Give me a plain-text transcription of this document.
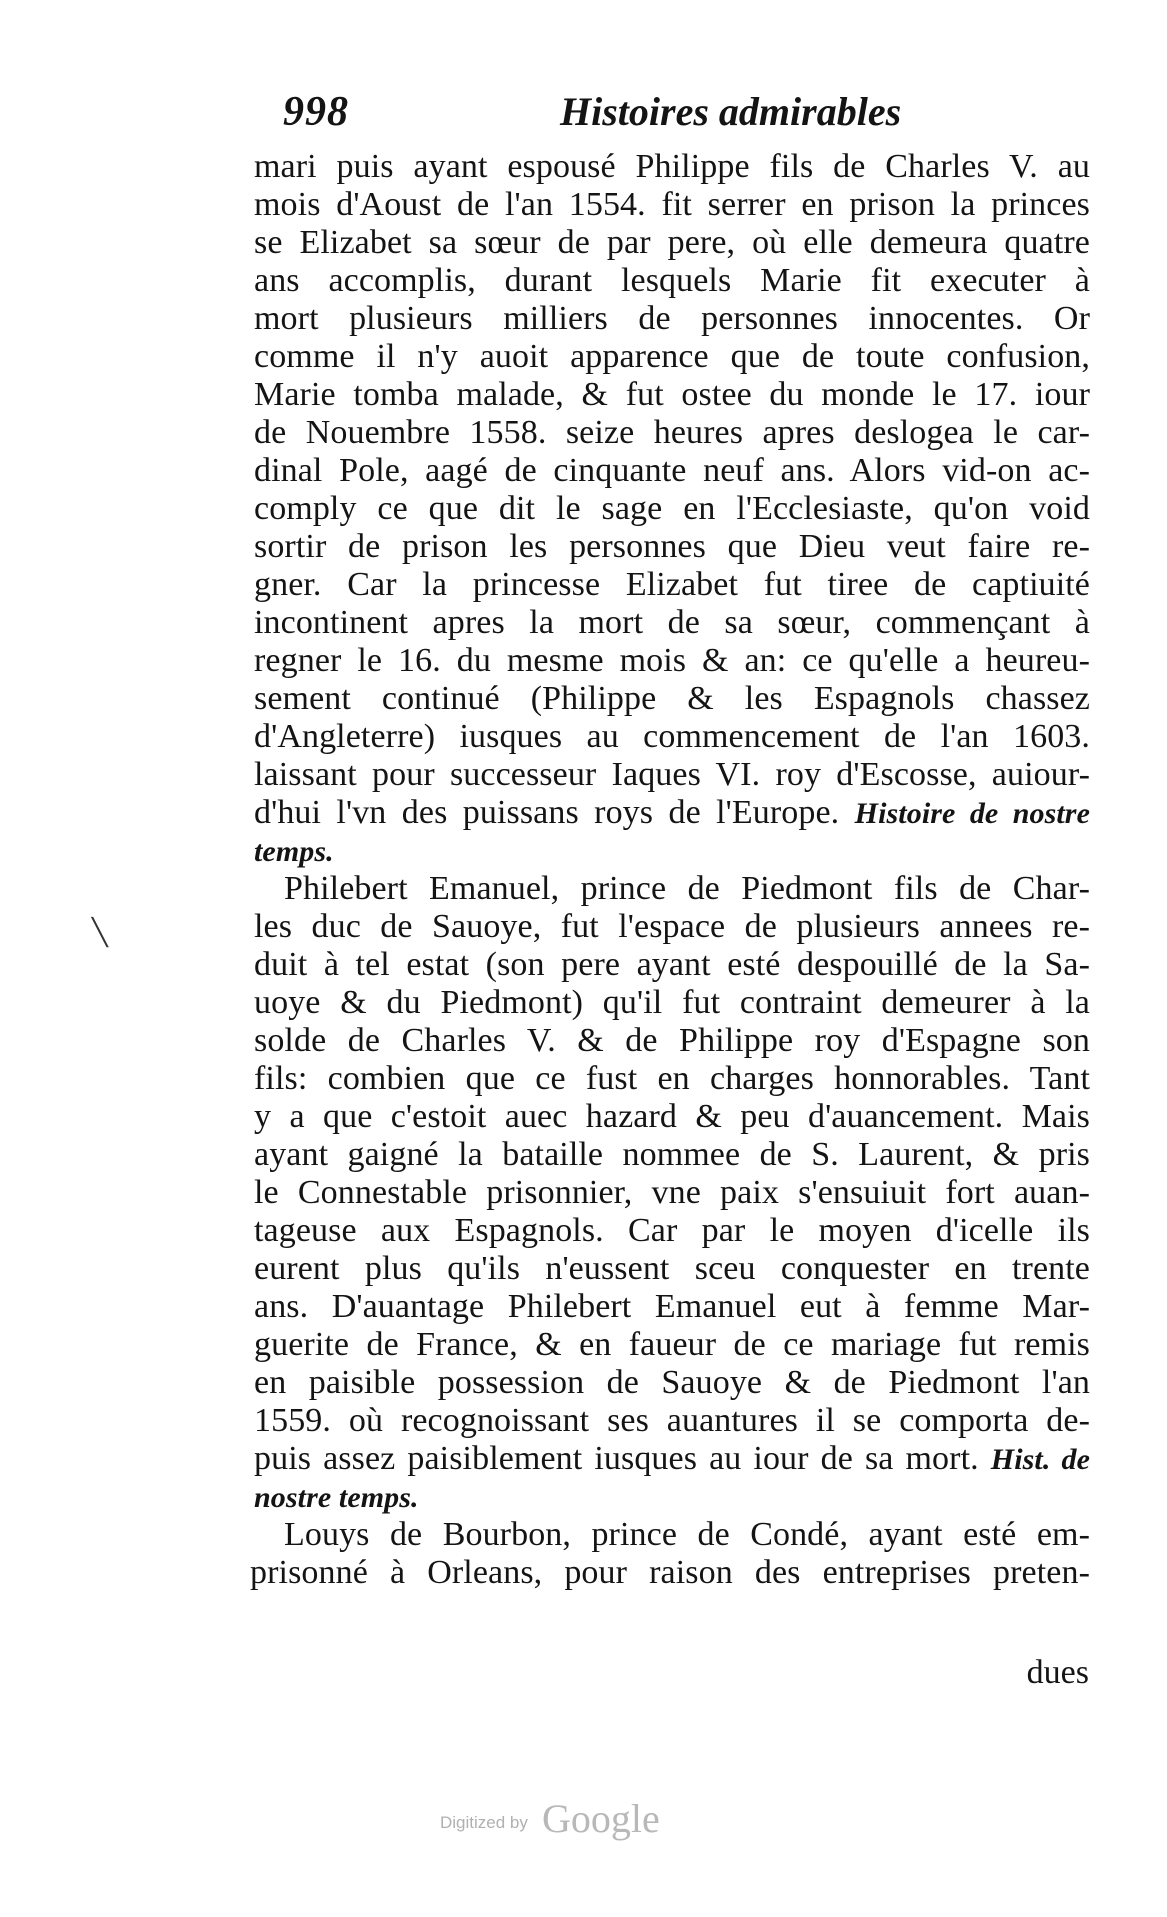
998	Histoires admirables
mari puis ayant espousé Philippe fils de Charles V. au
mois d'Aoust de l'an 1554. fit serrer en prison la princes
se Elizabet sa sœur de par pere, où elle demeura quatre
ans accomplis, durant lesquels Marie fit executer à
mort plusieurs milliers de personnes innocentes. Or
comme il n'y auoit apparence que de toute confusion,
Marie tomba malade, & fut ostee du monde le 17. iour
de Nouembre 1558. seize heures apres deslogea le car-
dinal Pole, aagé de cinquante neuf ans. Alors vid-on ac-
comply ce que dit le sage en l'Ecclesiaste, qu'on void
sortir de prison les personnes que Dieu veut faire re-
gner. Car la princesse Elizabet fut tiree de captiuité
incontinent apres la mort de sa sœur, commençant à
regner le 16. du mesme mois & an: ce qu'elle a heureu-
sement continué (Philippe & les Espagnols chassez
d'Angleterre) iusques au commencement de l'an 1603.
laissant pour successeur Iaques VI. roy d'Escosse, auiour-
d'hui l'vn des puissans roys de l'Europe. Histoire de nostre
temps.
Philebert Emanuel, prince de Piedmont fils de Char-
les duc de Sauoye, fut l'espace de plusieurs annees re-
duit à tel estat (son pere ayant esté despouillé de la Sa-
uoye & du Piedmont) qu'il fut contraint demeurer à la
solde de Charles V. & de Philippe roy d'Espagne son
fils: combien que ce fust en charges honnorables. Tant
y a que c'estoit auec hazard & peu d'auancement. Mais
ayant gaigné la bataille nommee de S. Laurent, & pris
le Connestable prisonnier, vne paix s'ensuiuit fort auan-
tageuse aux Espagnols. Car par le moyen d'icelle ils
eurent plus qu'ils n'eussent sceu conquester en trente
ans. D'auantage Philebert Emanuel eut à femme Mar-
guerite de France, & en faueur de ce mariage fut remis
en paisible possession de Sauoye & de Piedmont l'an
1559. où recognoissant ses auantures il se comporta de-
puis assez paisiblement iusques au iour de sa mort. Hist. de
nostre temps.
Louys de Bourbon, prince de Condé, ayant esté em-
prisonné à Orleans, pour raison des entreprises preten-
dues
╲
Digitized by Google
